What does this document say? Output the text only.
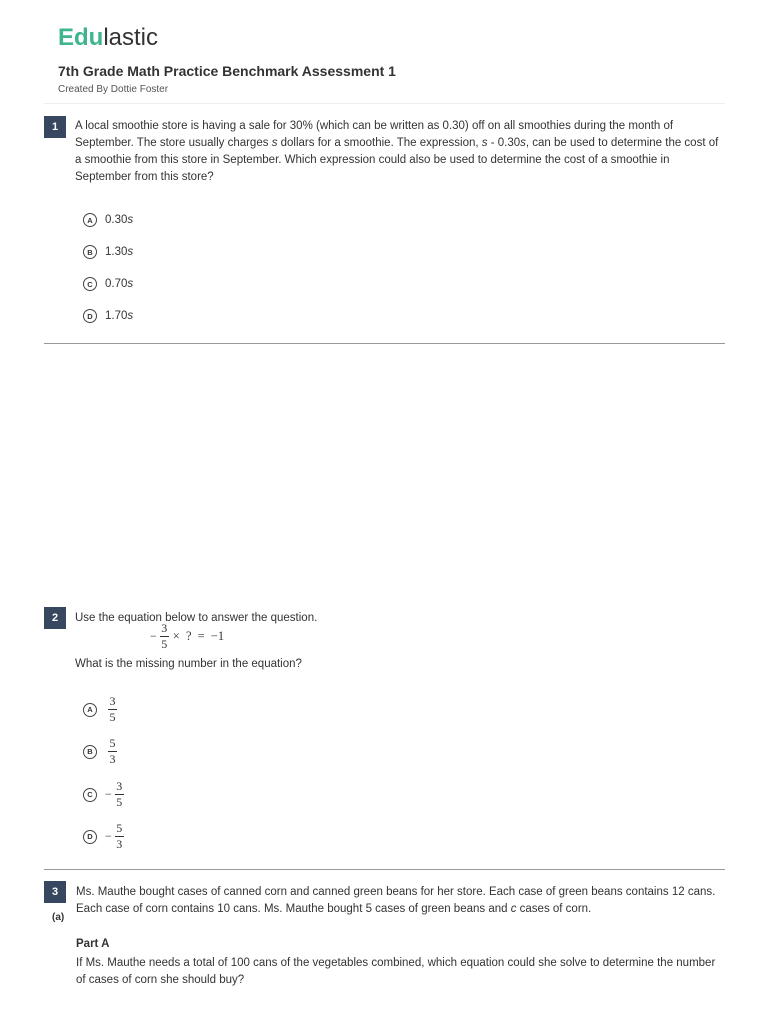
Edulastic
7th Grade Math Practice Benchmark Assessment 1
Created By Dottie Foster
1	A local smoothie store is having a sale for 30% (which can be written as 0.30) off on all smoothies during the month of September. The store usually charges s dollars for a smoothie. The expression, s - 0.30s, can be used to determine the cost of a smoothie from this store in September. Which expression could also be used to determine the cost of a smoothie in September from this store?
A	0.30 s
B	1.30 s
C	0.70 s
D	1.70 s
2	Use the equation below to answer the question.
− $\frac{3}{5}$ × ? = −1
What is the missing number in the equation?
A	$\frac{3}{5}$
B	$\frac{5}{3}$
C	− $\frac{3}{5}$
D	− $\frac{5}{3}$
3
(a)
Ms. Mauthe bought cases of canned corn and canned green beans for her store. Each case of green beans contains 12 cans. Each case of corn contains 10 cans. Ms. Mauthe bought 5 cases of green beans and c cases of corn.
Part A
If Ms. Mauthe needs a total of 100 cans of the vegetables combined, which equation could she solve to determine the number of cases of corn she should buy?
